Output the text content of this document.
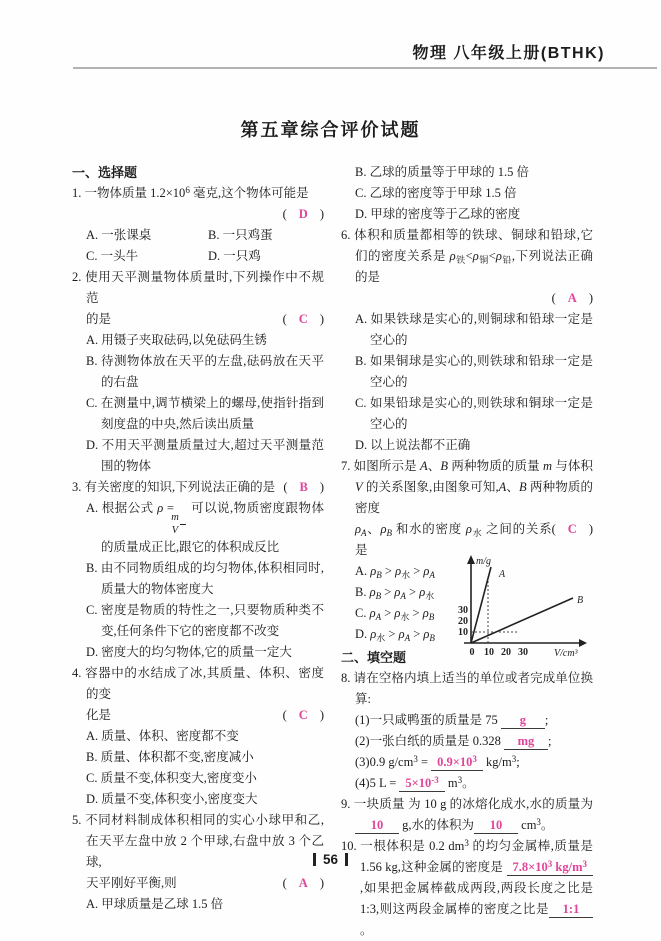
物理 八年级上册(BTHK)
第五章综合评价试题
一、选择题
1. 一物体质量 $1.2\times 10^6$ 毫克,这个物体可能是
( D )
A. 一张课桌	B. 一只鸡蛋
C. 一头牛	D. 一只鸡
2. 使用天平测量物体质量时,下列操作中不规范
的是	( C )
A. 用镊子夹取砝码,以免砝码生锈
B. 待测物体放在天平的左盘,砝码放在天平的右盘
C. 在测量中,调节横梁上的螺母,使指针指到刻度盘的中央,然后读出质量
D. 不用天平测量质量过大,超过天平测量范围的物体
3. 有关密度的知识,下列说法正确的是 ( B )
A. 根据公式 ρ =
$\frac{m}{V}$
可以说,物质密度跟物体的质量成正比,跟它的体积成反比
B. 由不同物质组成的均匀物体,体积相同时,质量大的物体密度大
C. 密度是物质的特性之一,只要物质种类不变,任何条件下它的密度都不改变
D. 密度大的均匀物体,它的质量一定大
4. 容器中的水结成了冰,其质量、体积、密度的变
化是	( C )
A. 质量、体积、密度都不变
B. 质量、体积都不变,密度减小
C. 质量不变,体积变大,密度变小
D. 质量不变,体积变小,密度变大
5. 不同材料制成体积相同的实心小球甲和乙,在天平左盘中放 2 个甲球,右盘中放 3 个乙球,
天平刚好平衡,则	( A )
A. 甲球质量是乙球 1.5 倍
B. 乙球的质量等于甲球的 1.5 倍
C. 乙球的密度等于甲球 1.5 倍
D. 甲球的密度等于乙球的密度
6. 体积和质量都相等的铁球、铜球和铅球,它们的密度关系是 $\rho_铁<\rho_铜<\rho_铅$,下列说法正确的是
( A )
A. 如果铁球是实心的,则铜球和铅球一定是空心的
B. 如果铜球是实心的,则铁球和铅球一定是空心的
C. 如果铅球是实心的,则铁球和铜球一定是空心的
D. 以上说法都不正确
7. 如图所示是 A、B 两种物质的质量 m 与体积 V 的关系图象,由图象可知,A、B 两种物质的密度
$\rho_A$、$\rho_B$ 和水的密度 $\rho_水$ 之间的关系是
( C )
A. $\rho_B > \rho_水 > \rho_A$
B. $\rho_B > \rho_A > \rho_水$
C. $\rho_A > \rho_水 > \rho_B$
D. $\rho_水 > \rho_A > \rho_B$
m/g
V/cm³
A
B
30
20
10
0 10 20 30
二、填空题
8. 请在空格内填上适当的单位或者完成单位换算:
(1)一只咸鸭蛋的质量是 75 g ;
(2)一张白纸的质量是 0.328 mg ;
(3)0.9 $g/cm^3 = 0.9\times 10^3$ $kg/m^3$;
(4)5 $L = 5\times 10^{-3}$ $m^3$。
9. 一块质量 为 10 g 的冰熔化成水,水的质量为10 g,水的体积为 10 $cm^3$。
10. 一根体积是 0.2 $dm^3$ 的均匀金属棒,质量是 1.56 kg,这种金属的密度是 $7.8\times 10^3$ $kg/m^3$,如果把金属棒截成两段,两段长度之比是 1:3,则这两段金属棒的密度之比是 1:1。
56
